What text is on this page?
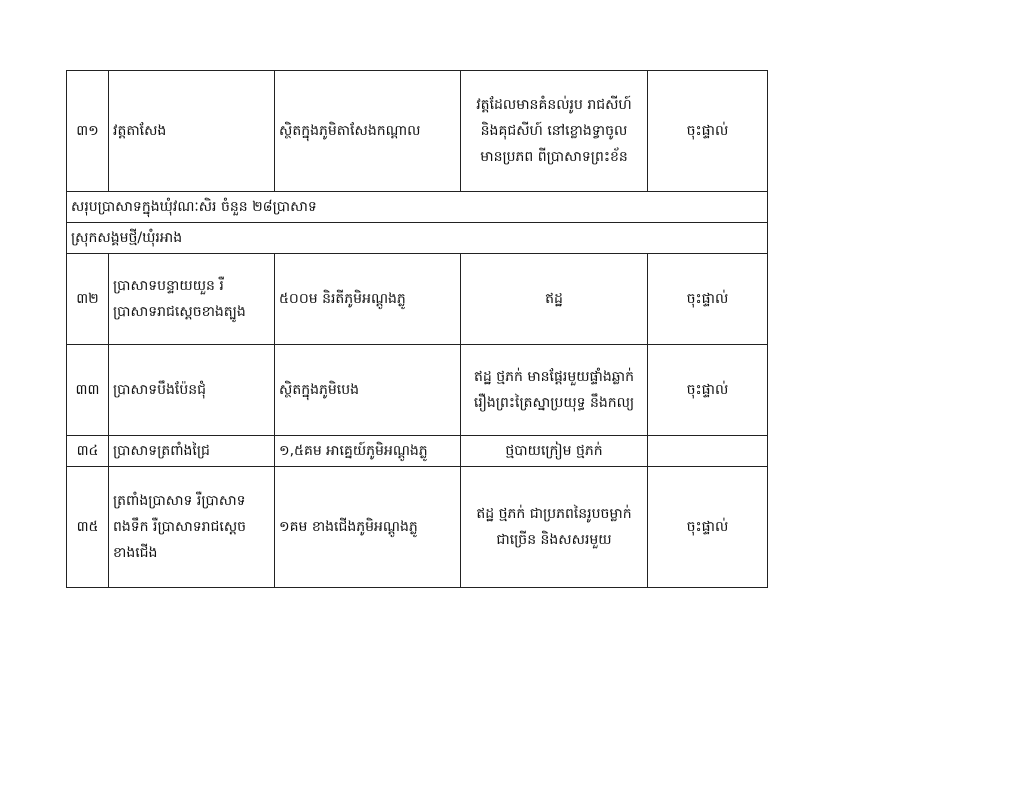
៣១	វត្តតាសែង	ស្ថិតក្នុងភូមិតាសែងកណ្តាល	វត្តដែលមានគំនល់រូប រាជសីហ៍
និងគុជសីហ៍ នៅខ្លោងទ្វាចូល
មានប្រភព ពីប្រាសាទព្រះខ័ន	ចុះផ្ទាល់
សរុបប្រាសាទក្នុងឃុំវណៈសិរ ចំនួន ២៨ប្រាសាទ				
ស្រុកសង្គមថ្មី/ឃុំរអាង				
៣២	ប្រាសាទបន្ទាយយួន រឺ
ប្រាសាទរាជស្តេចខាងត្បូង	៥០០ម និរតីភូមិអណ្តូងភ្លូ	ឥដ្ឋ	ចុះផ្ទាល់
៣៣	ប្រាសាទបឹងប៉ែនជុំ	ស្ថិតក្នុងភូមិបេង	ឥដ្ឋ ថ្មភក់ មានផ្តែរមួយផ្ទាំងឆ្លាក់
រឿងព្រះត្រៃស្នាប្រយុទ្ធ នឹងកល្យ	ចុះផ្ទាល់
៣៤	ប្រាសាទត្រពាំងជ្រៃ	១,៥គម អាគ្នេយ៍ភូមិអណ្តូងភ្លូ	ថ្មបាយក្រៀម ថ្មភក់	

៣៥	ត្រពាំងប្រាសាទ រឺប្រាសាទ
ពងទឹក រឺប្រាសាទរាជស្តេច
ខាងជើង	១គម ខាងជើងភូមិអណ្តូងភ្លូ	ឥដ្ឋ ថ្មភក់ ជាប្រភពនៃរូបចម្លាក់
ជាច្រើន និងសសរមួយ	ចុះផ្ទាល់
